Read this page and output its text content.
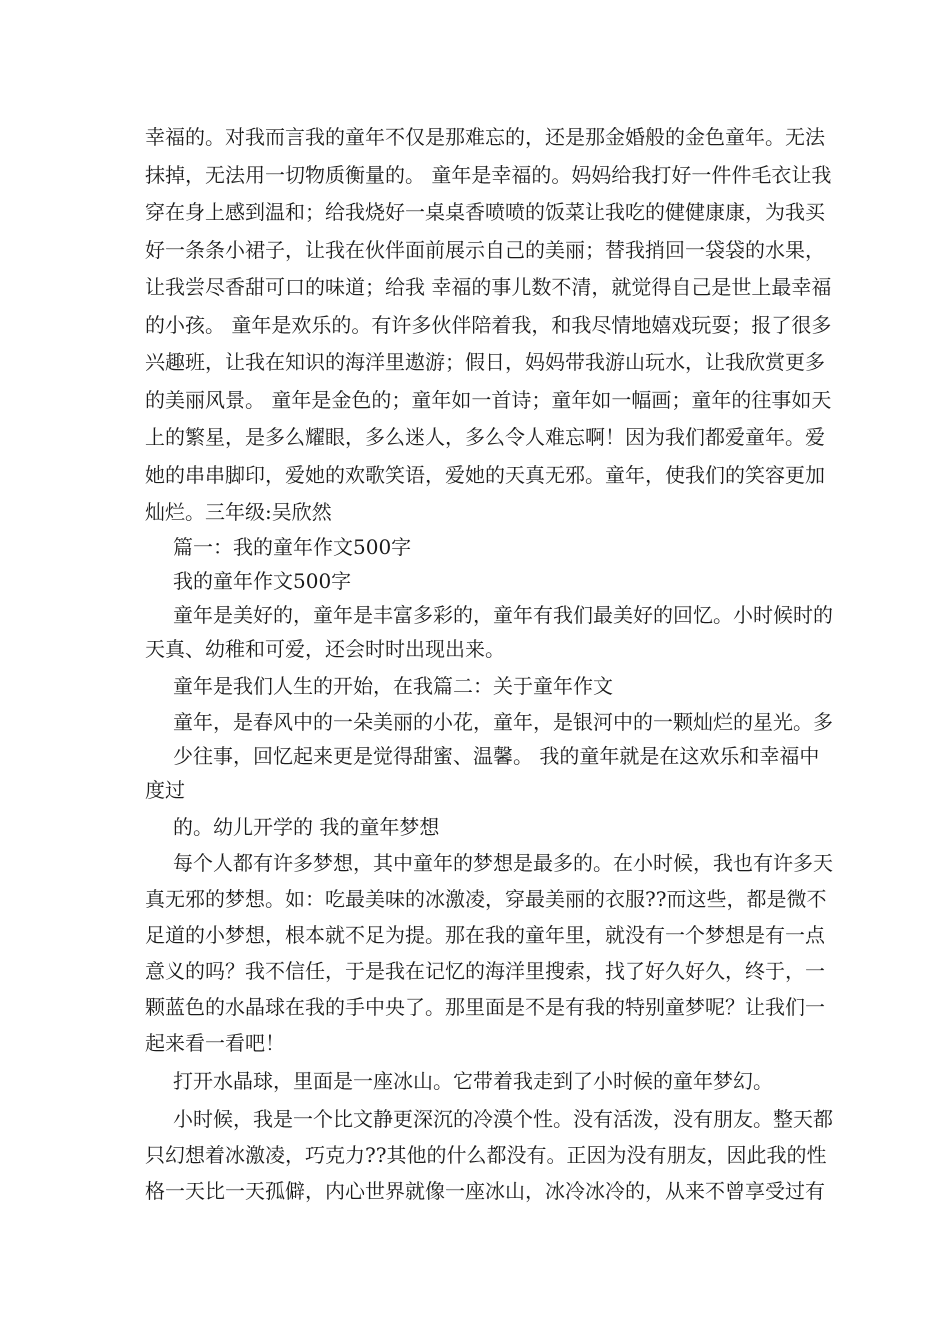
幸福的。对我而言我的童年不仅是那难忘的，还是那金婚般的金色童年。无法
抹掉，无法用一切物质衡量的。 童年是幸福的。妈妈给我打好一件件毛衣让我
穿在身上感到温和；给我烧好一桌桌香喷喷的饭菜让我吃的健健康康，为我买
好一条条小裙子，让我在伙伴面前展示自己的美丽；替我捎回一袋袋的水果，
让我尝尽香甜可口的味道；给我 幸福的事儿数不清，就觉得自己是世上最幸福
的小孩。 童年是欢乐的。有许多伙伴陪着我，和我尽情地嬉戏玩耍；报了很多
兴趣班，让我在知识的海洋里遨游；假日，妈妈带我游山玩水，让我欣赏更多
的美丽风景。 童年是金色的；童年如一首诗；童年如一幅画；童年的往事如天
上的繁星，是多么耀眼，多么迷人，多么令人难忘啊！因为我们都爱童年。爱
她的串串脚印，爱她的欢歌笑语，爱她的天真无邪。童年，使我们的笑容更加
灿烂。三年级:吴欣然
篇一：我的童年作文500字
我的童年作文500字
童年是美好的，童年是丰富多彩的，童年有我们最美好的回忆。小时候时的
天真、幼稚和可爱，还会时时出现出来。
童年是我们人生的开始，在我篇二：关于童年作文
童年，是春风中的一朵美丽的小花，童年，是银河中的一颗灿烂的星光。多
少往事，回忆起来更是觉得甜蜜、温馨。 我的童年就是在这欢乐和幸福中
度过
的。幼儿开学的 我的童年梦想
每个人都有许多梦想，其中童年的梦想是最多的。在小时候，我也有许多天
真无邪的梦想。如：吃最美味的冰激凌，穿最美丽的衣服??而这些，都是微不
足道的小梦想，根本就不足为提。那在我的童年里，就没有一个梦想是有一点
意义的吗？我不信任，于是我在记忆的海洋里搜索，找了好久好久，终于，一
颗蓝色的水晶球在我的手中央了。那里面是不是有我的特别童梦呢？让我们一
起来看一看吧！
打开水晶球，里面是一座冰山。它带着我走到了小时候的童年梦幻。
小时候，我是一个比文静更深沉的冷漠个性。没有活泼，没有朋友。整天都
只幻想着冰激凌，巧克力??其他的什么都没有。正因为没有朋友，因此我的性
格一天比一天孤僻，内心世界就像一座冰山，冰冷冰冷的，从来不曾享受过有
